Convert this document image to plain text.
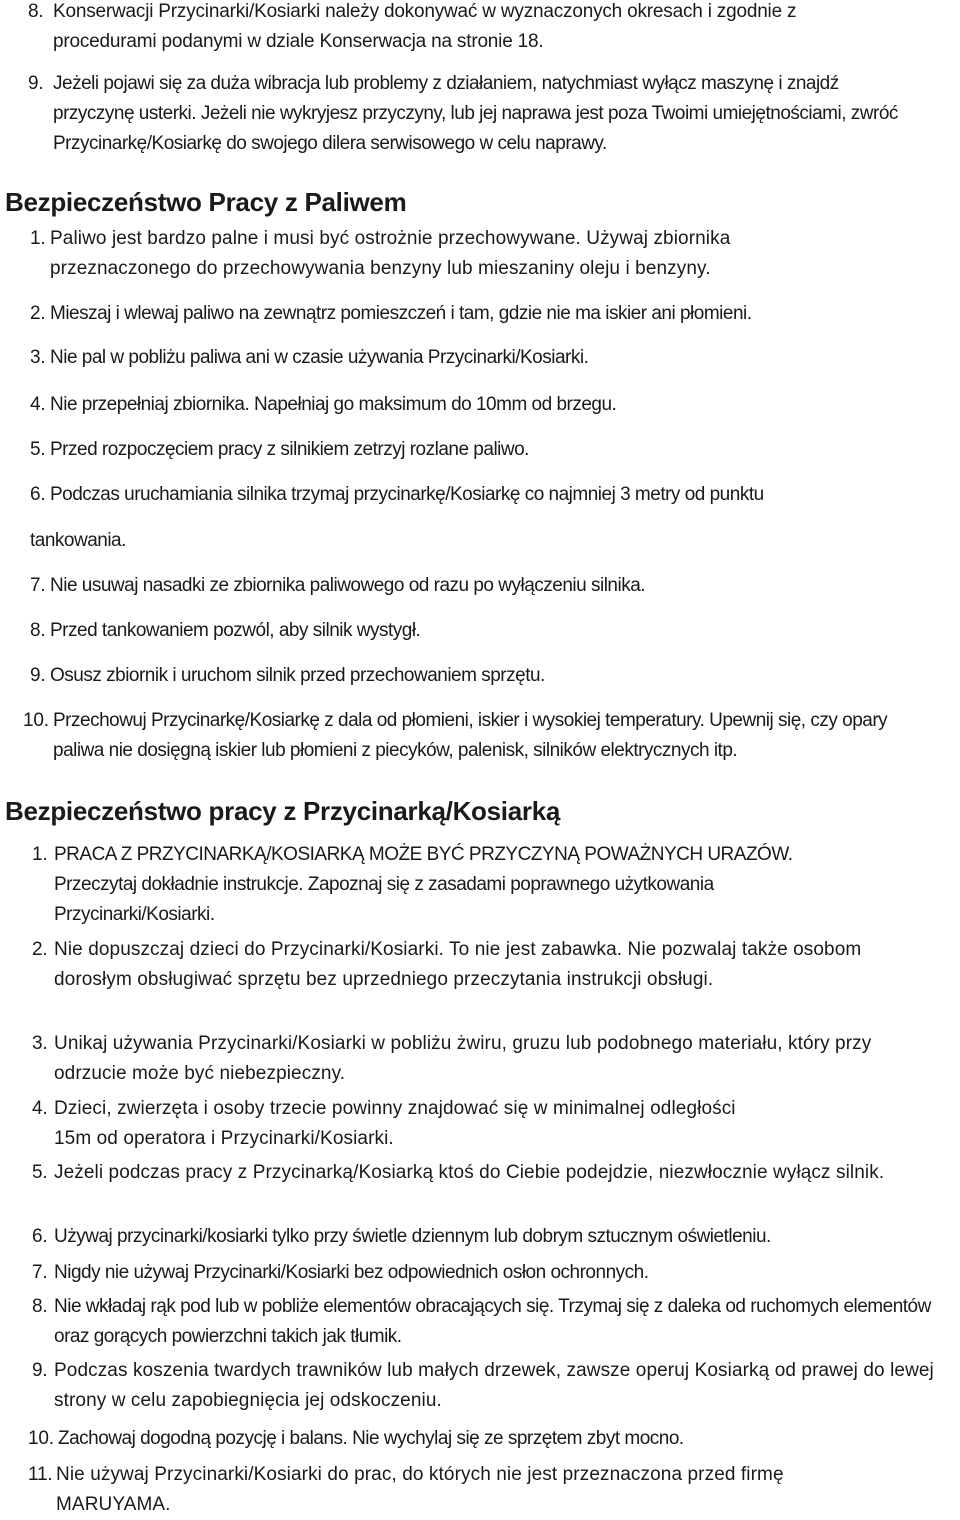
8. Konserwacji Przycinarki/Kosiarki należy dokonywać w wyznaczonych okresach i zgodnie z procedurami podanymi w dziale Konserwacja na stronie 18.
9. Jeżeli pojawi się za duża wibracja lub problemy z działaniem, natychmiast wyłącz maszynę i znajdź przyczynę usterki. Jeżeli nie wykryjesz przyczyny, lub jej naprawa jest poza Twoimi umiejętnościami, zwróć Przycinarkę/Kosiarkę do swojego dilera serwisowego w celu naprawy.
Bezpieczeństwo Pracy z Paliwem
1. Paliwo jest bardzo palne i musi być ostrożnie przechowywane. Używaj zbiornika przeznaczonego do przechowywania benzyny lub mieszaniny oleju i benzyny.
2. Mieszaj i wlewaj paliwo na zewnątrz pomieszczeń i tam, gdzie nie ma iskier ani płomieni.
3. Nie pal w pobliżu paliwa ani w czasie używania Przycinarki/Kosiarki.
4. Nie przepełniaj zbiornika. Napełniaj go maksimum do 10mm od brzegu.
5. Przed rozpoczęciem pracy z silnikiem zetrzyj rozlane paliwo.
6. Podczas uruchamiania silnika trzymaj przycinarkę/Kosiarkę co najmniej 3 metry od punktu
tankowania.
7. Nie usuwaj nasadki ze zbiornika paliwowego od razu po wyłączeniu silnika.
8. Przed tankowaniem pozwól, aby silnik wystygł.
9. Osusz zbiornik i uruchom silnik przed przechowaniem sprzętu.
10. Przechowuj Przycinarkę/Kosiarkę z dala od płomieni, iskier i wysokiej temperatury. Upewnij się, czy opary paliwa nie dosięgną iskier lub płomieni z piecyków, palenisk, silników elektrycznych itp.
Bezpieczeństwo pracy z Przycinarką/Kosiarką
1. PRACA Z PRZYCINARKĄ/KOSIARKĄ MOŻE BYĆ PRZYCZYNĄ POWAŻNYCH URAZÓW. Przeczytaj dokładnie instrukcje. Zapoznaj się z zasadami poprawnego użytkowania Przycinarki/Kosiarki.
2. Nie dopuszczaj dzieci do Przycinarki/Kosiarki. To nie jest zabawka. Nie pozwalaj także osobom dorosłym obsługiwać sprzętu bez uprzedniego przeczytania instrukcji obsługi.
3. Unikaj używania Przycinarki/Kosiarki w pobliżu żwiru, gruzu lub podobnego materiału, który przy odrzucie może być niebezpieczny.
4. Dzieci, zwierzęta i osoby trzecie powinny znajdować się w minimalnej odległości 15m od operatora i Przycinarki/Kosiarki.
5. Jeżeli podczas pracy z Przycinarką/Kosiarką ktoś do Ciebie podejdzie, niezwłocznie wyłącz silnik.
6. Używaj przycinarki/kosiarki tylko przy świetle dziennym lub dobrym sztucznym oświetleniu.
7. Nigdy nie używaj Przycinarki/Kosiarki bez odpowiednich osłon ochronnych.
8. Nie wkładaj rąk pod lub w pobliże elementów obracających się. Trzymaj się z daleka od ruchomych elementów oraz gorących powierzchni takich jak tłumik.
9. Podczas koszenia twardych trawników lub małych drzewek, zawsze operuj Kosiarką od prawej do lewej strony w celu zapobiegnięcia jej odskoczeniu.
10. Zachowaj dogodną pozycję i balans. Nie wychylaj się ze sprzętem zbyt mocno.
11. Nie używaj Przycinarki/Kosiarki do prac, do których nie jest przeznaczona przed firmę MARUYAMA.
